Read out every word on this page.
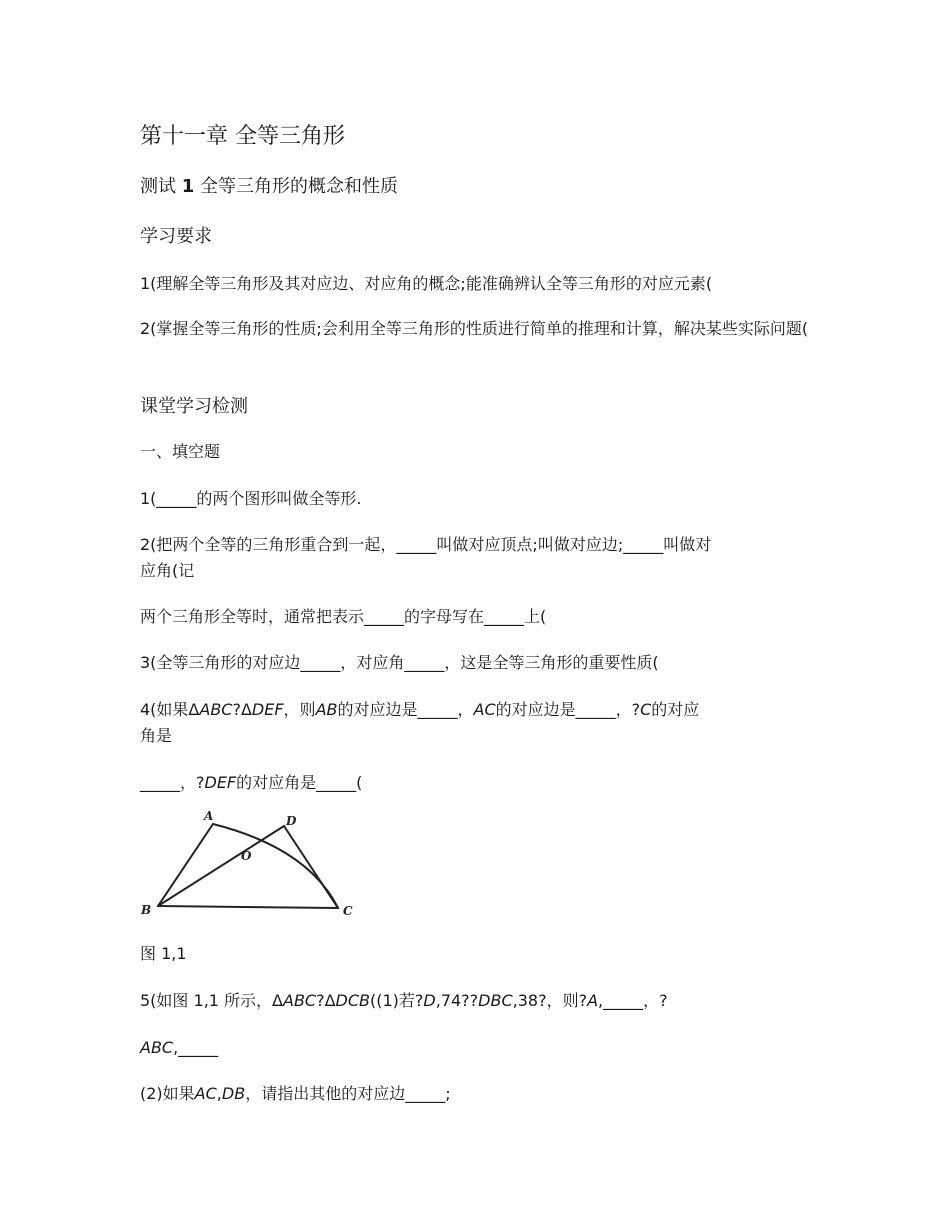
第十一章 全等三角形
测试 1 全等三角形的概念和性质
学习要求
1(理解全等三角形及其对应边、对应角的概念;能准确辨认全等三角形的对应元素(
2(掌握全等三角形的性质;会利用全等三角形的性质进行简单的推理和计算，解决某些实际问题(
课堂学习检测
一、填空题
1(_____的两个图形叫做全等形.
2(把两个全等的三角形重合到一起，_____叫做对应顶点;叫做对应边;_____叫做对
应角(记
两个三角形全等时，通常把表示_____的字母写在_____上(
3(全等三角形的对应边_____，对应角_____，这是全等三角形的重要性质(
4(如果ΔABC?ΔDEF，则AB的对应边是_____，AC的对应边是_____，?C的对应
角是
_____，?DEF的对应角是_____(
A	D
O
B	C
图 1,1
5(如图 1,1 所示，ΔABC?ΔDCB((1)若?D,74??DBC,38?，则?A,_____，?
ABC,_____
(2)如果AC,DB，请指出其他的对应边_____;
